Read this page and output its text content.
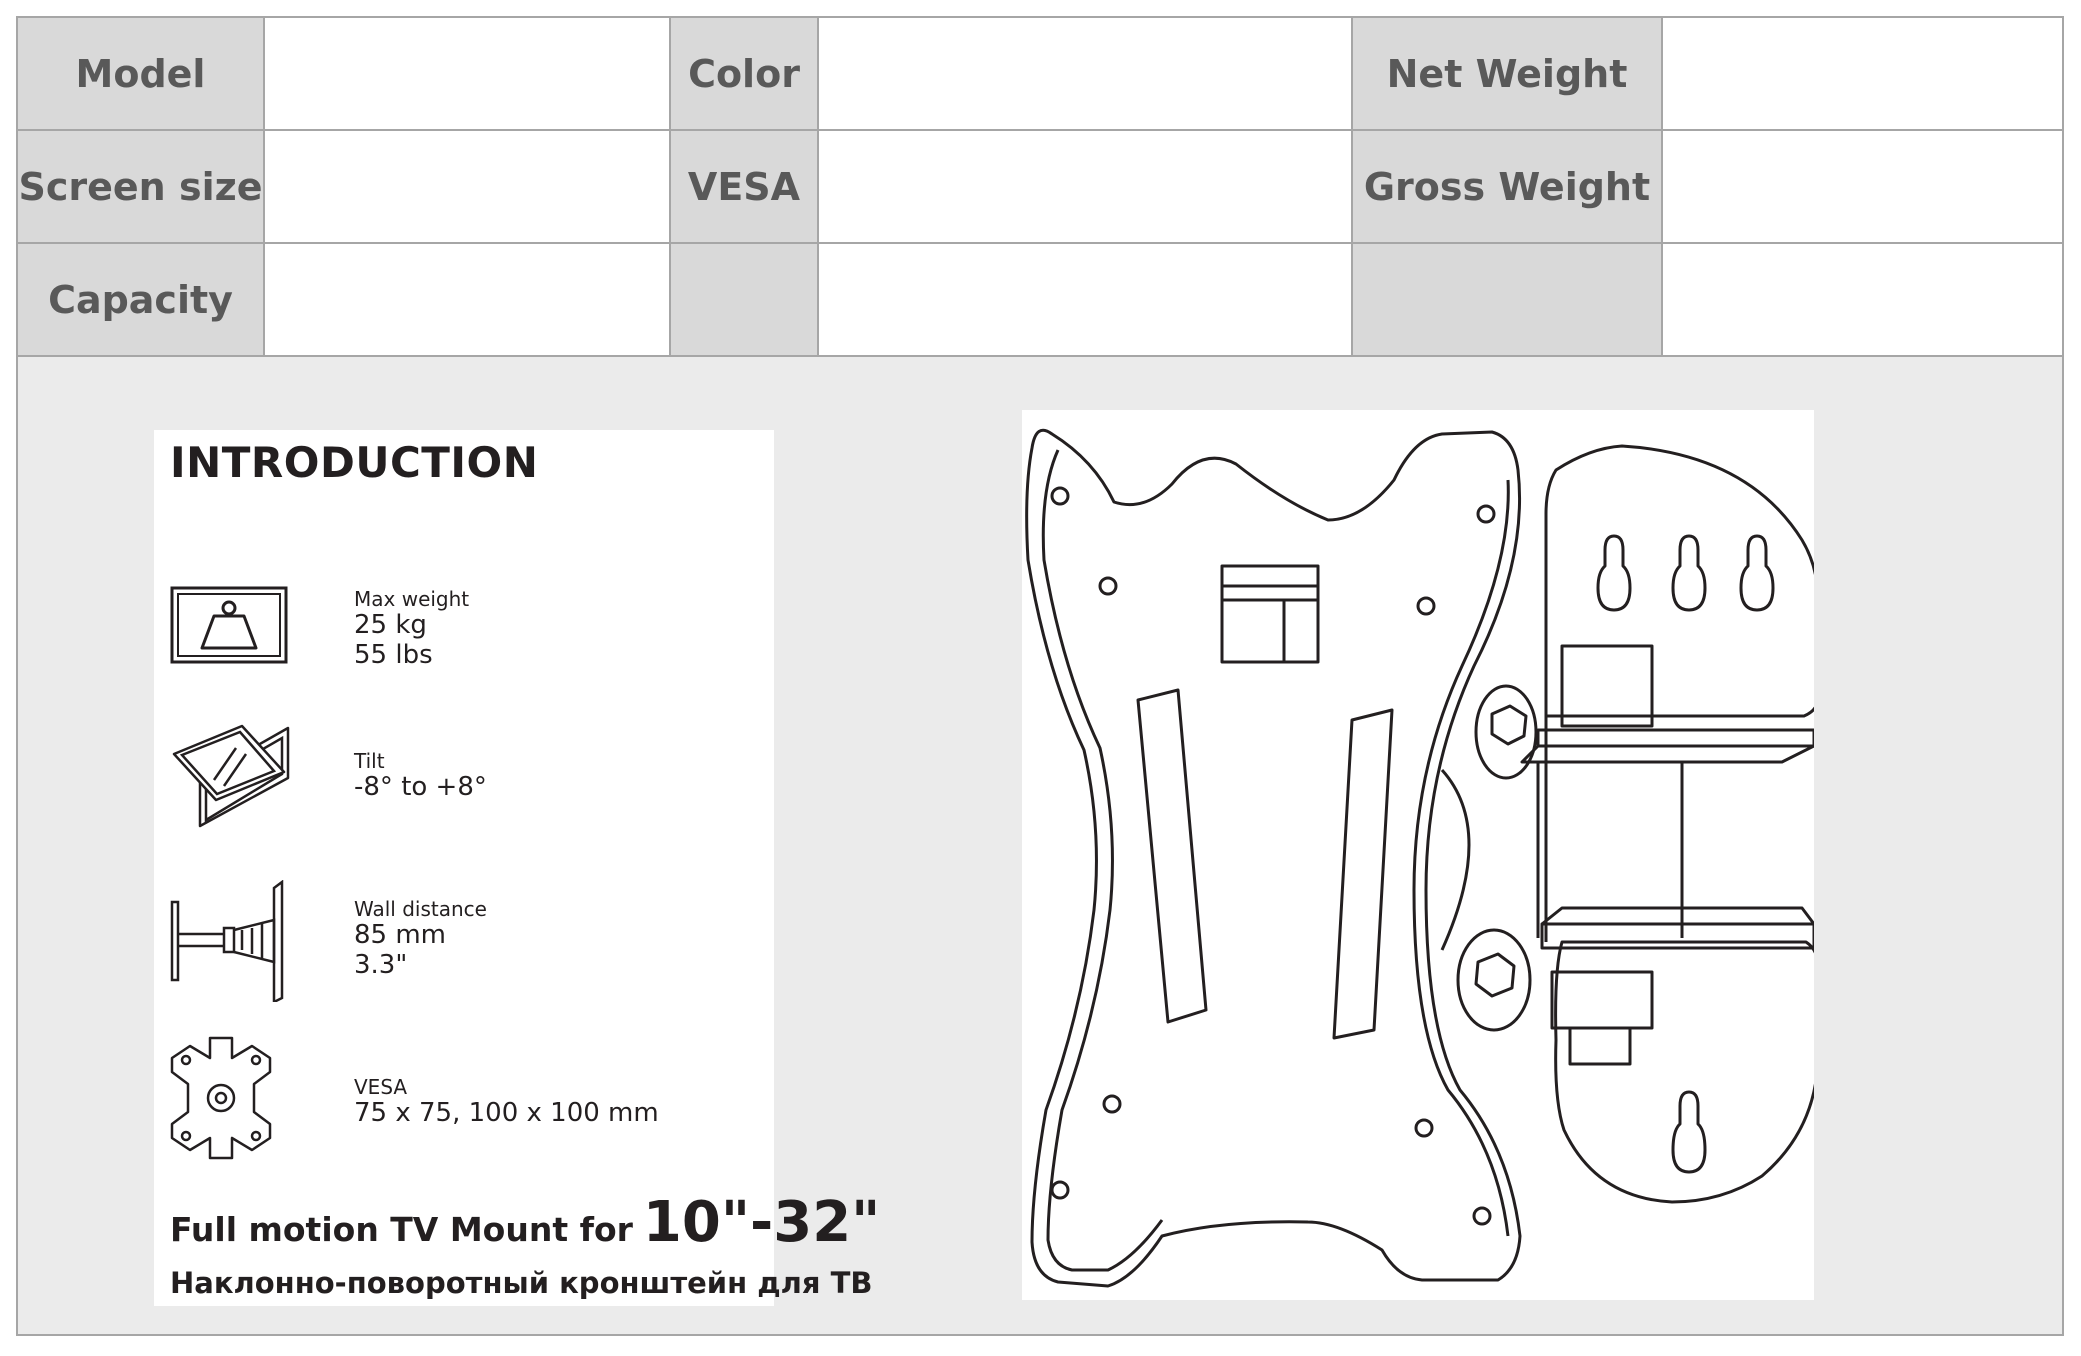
Model		Color		Net Weight	
Screen size		VESA		Gross Weight	
Capacity					
INTRODUCTION
Max weight
25 kg
55 lbs
Tilt
-8° to +8°
Wall distance
85 mm
3.3"
VESA
75 x 75, 100 x 100 mm
Full motion TV Mount for 10"-32"

Наклонно-поворотный кронштейн для ТВ
